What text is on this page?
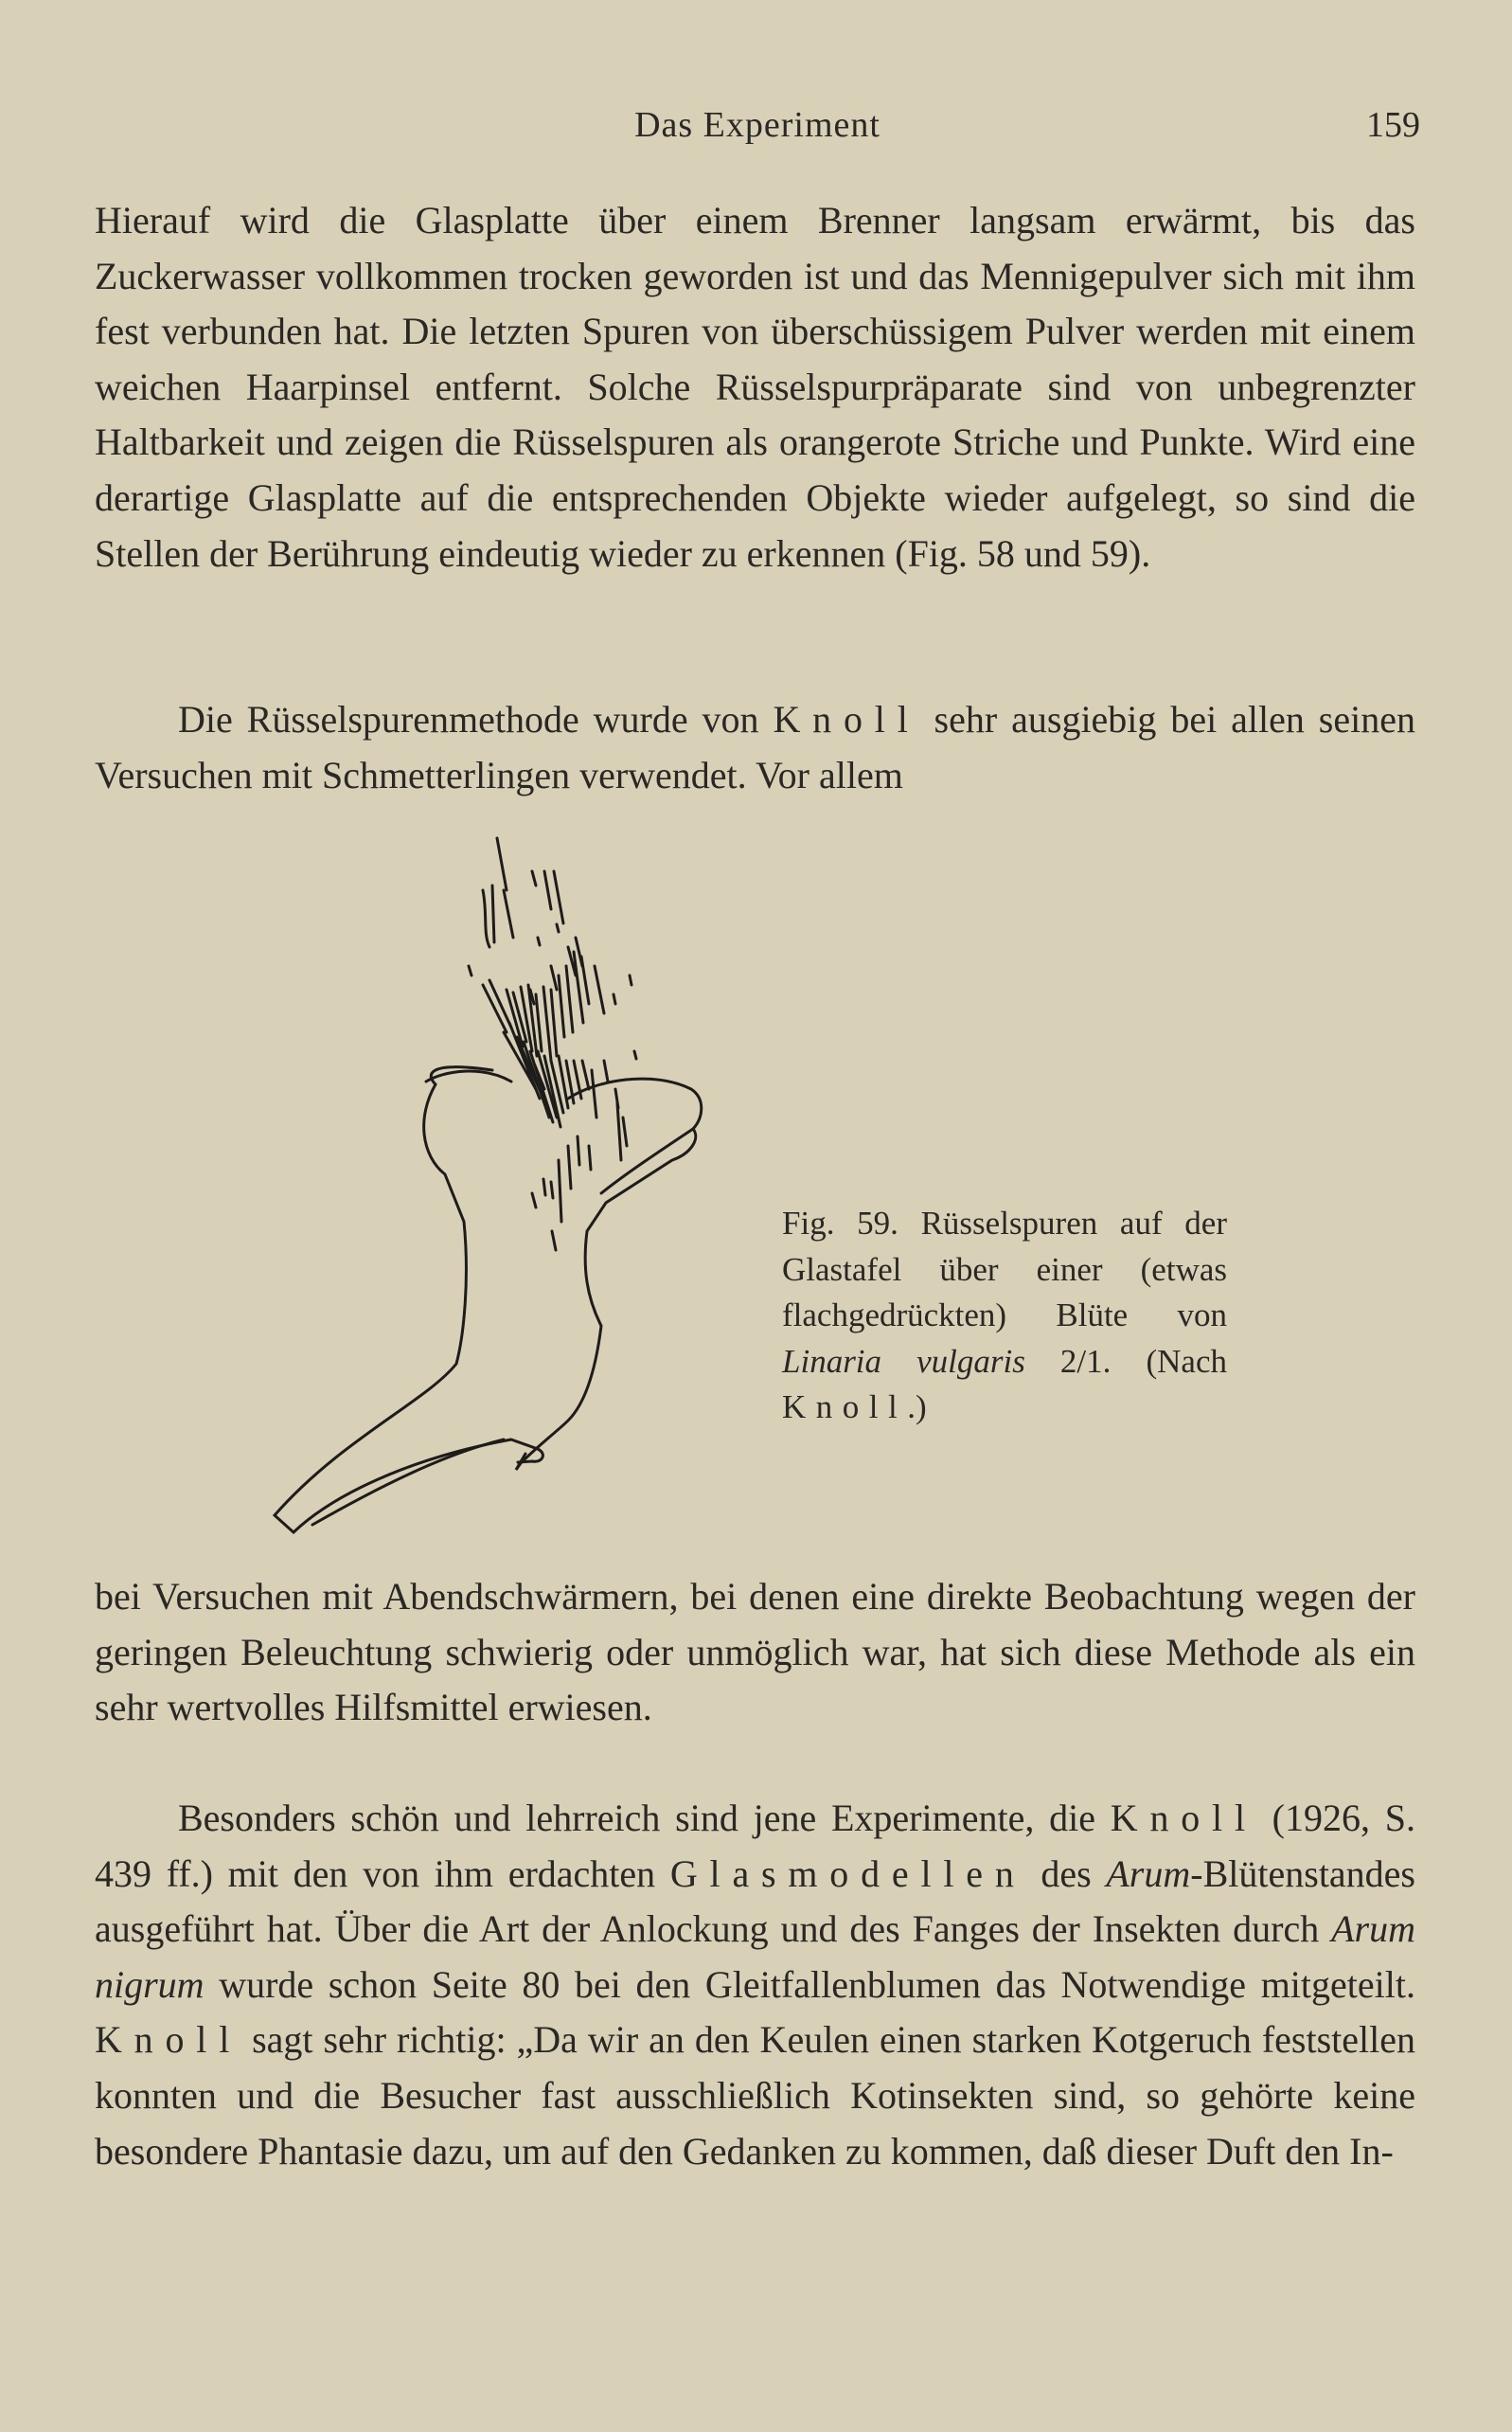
Das Experiment	159

Hierauf wird die Glasplatte über einem Brenner langsam erwärmt, bis das Zuckerwasser vollkommen trocken geworden ist und das Mennigepulver sich mit ihm fest verbunden hat. Die letzten Spuren von überschüssigem Pulver werden mit einem weichen Haarpinsel entfernt. Solche Rüsselspurpräparate sind von unbegrenzter Haltbarkeit und zeigen die Rüsselspuren als orangerote Striche und Punkte. Wird eine derartige Glasplatte auf die entsprechenden Objekte wieder aufgelegt, so sind die Stellen der Berührung eindeutig wieder zu erkennen (Fig. 58 und 59).

Die Rüsselspurenmethode wurde von Knoll sehr ausgiebig bei allen seinen Versuchen mit Schmetterlingen verwendet. Vor allem

Fig. 59. Rüsselspuren auf der Glastafel über einer (etwas flachgedrückten) Blüte von Linaria vulgaris 2/1. (Nach Knoll.)

bei Versuchen mit Abendschwärmern, bei denen eine direkte Beobachtung wegen der geringen Beleuchtung schwierig oder unmöglich war, hat sich diese Methode als ein sehr wertvolles Hilfsmittel erwiesen.

Besonders schön und lehrreich sind jene Experimente, die Knoll (1926, S. 439 ff.) mit den von ihm erdachten Glasmodellen des Arum-Blütenstandes ausgeführt hat. Über die Art der Anlockung und des Fanges der Insekten durch Arum nigrum wurde schon Seite 80 bei den Gleitfallenblumen das Notwendige mitgeteilt. Knoll sagt sehr richtig: „Da wir an den Keulen einen starken Kotgeruch feststellen konnten und die Besucher fast ausschließlich Kotinsekten sind, so gehörte keine besondere Phantasie dazu, um auf den Gedanken zu kommen, daß dieser Duft den In-
